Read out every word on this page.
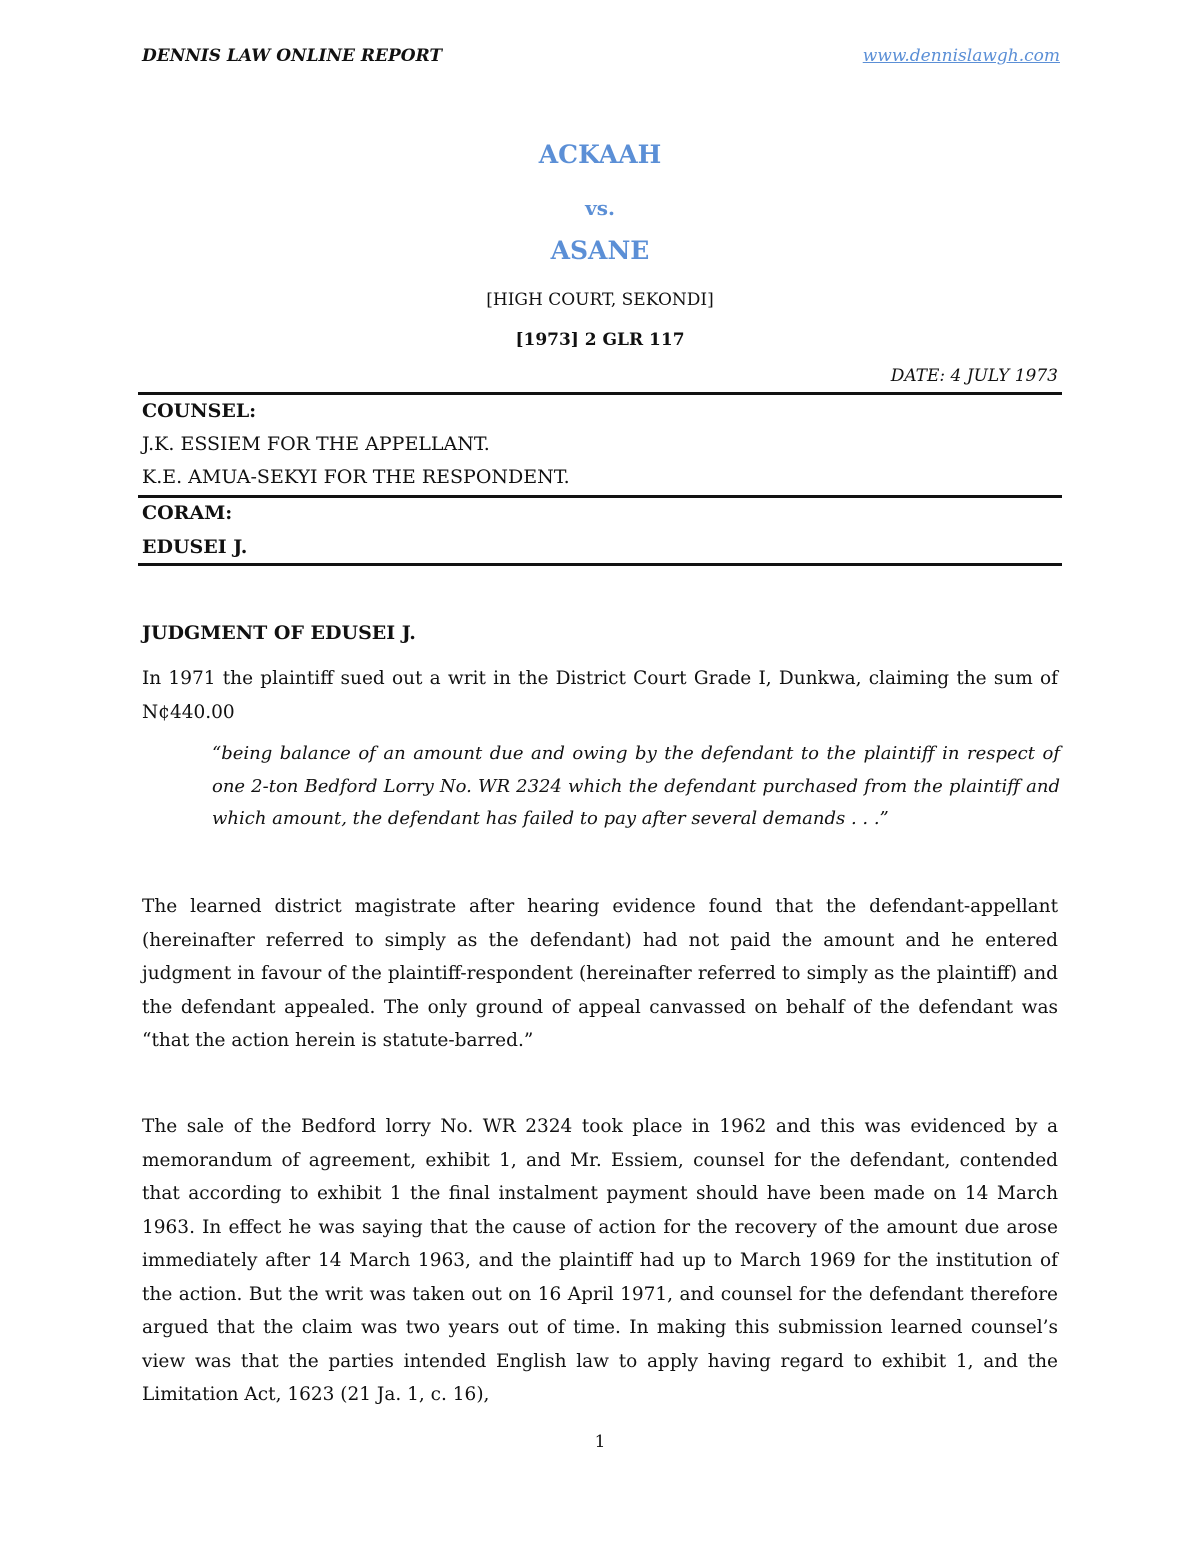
DENNIS LAW ONLINE REPORT	www.dennislawgh.com
ACKAAH
vs.
ASANE
[HIGH COURT, SEKONDI]
[1973] 2 GLR 117
DATE: 4 JULY 1973
COUNSEL:
J.K. ESSIEM FOR THE APPELLANT.
K.E. AMUA-SEKYI FOR THE RESPONDENT.
CORAM:
EDUSEI J.
JUDGMENT OF EDUSEI J.

In 1971 the plaintiff sued out a writ in the District Court Grade I, Dunkwa, claiming the sum of N¢440.00

“being balance of an amount due and owing by the defendant to the plaintiff in respect of one 2-ton Bedford Lorry No. WR 2324 which the defendant purchased from the plaintiff and which amount, the defendant has failed to pay after several demands . . .”

The learned district magistrate after hearing evidence found that the defendant-appellant (hereinafter referred to simply as the defendant) had not paid the amount and he entered judgment in favour of the plaintiff-respondent (hereinafter referred to simply as the plaintiff) and the defendant appealed. The only ground of appeal canvassed on behalf of the defendant was “that the action herein is statute-barred.”

The sale of the Bedford lorry No. WR 2324 took place in 1962 and this was evidenced by a memorandum of agreement, exhibit 1, and Mr. Essiem, counsel for the defendant, contended that according to exhibit 1 the final instalment payment should have been made on 14 March 1963. In effect he was saying that the cause of action for the recovery of the amount due arose immediately after 14 March 1963, and the plaintiff had up to March 1969 for the institution of the action. But the writ was taken out on 16 April 1971, and counsel for the defendant therefore argued that the claim was two years out of time. In making this submission learned counsel’s view was that the parties intended English law to apply having regard to exhibit 1, and the Limitation Act, 1623 (21 Ja. 1, c. 16),

1
